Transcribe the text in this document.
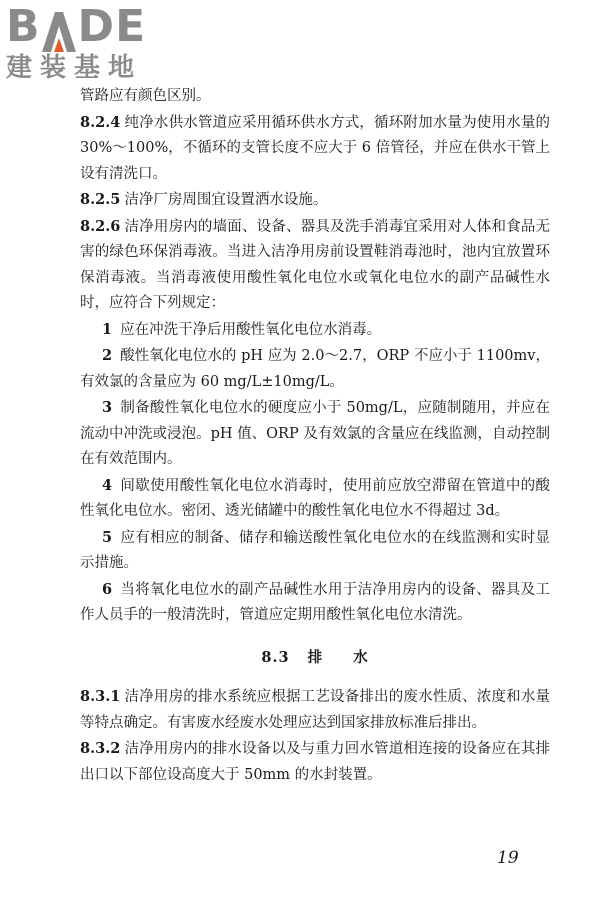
B DE
建装基地

管路应有颜色区别。

8.2.4 纯净水供水管道应采用循环供水方式，循环附加水量为使用水量的 30%～100%，不循环的支管长度不应大于 6 倍管径，并应在供水干管上设有清洗口。

8.2.5 洁净厂房周围宜设置洒水设施。

8.2.6 洁净用房内的墙面、设备、器具及洗手消毒宜采用对人体和食品无害的绿色环保消毒液。当进入洁净用房前设置鞋消毒池时，池内宜放置环保消毒液。当消毒液使用酸性氧化电位水或氧化电位水的副产品碱性水时，应符合下列规定：

1 应在冲洗干净后用酸性氧化电位水消毒。

2 酸性氧化电位水的 pH 应为 2.0～2.7，ORP 不应小于 1100mv，有效氯的含量应为 60 mg/L±10mg/L。

3 制备酸性氧化电位水的硬度应小于 50mg/L，应随制随用，并应在流动中冲洗或浸泡。pH 值、ORP 及有效氯的含量应在线监测，自动控制在有效范围内。

4 间歇使用酸性氧化电位水消毒时，使用前应放空滞留在管道中的酸性氧化电位水。密闭、透光储罐中的酸性氧化电位水不得超过 3d。

5 应有相应的制备、储存和输送酸性氧化电位水的在线监测和实时显示措施。

6 当将氧化电位水的副产品碱性水用于洁净用房内的设备、器具及工作人员手的一般清洗时，管道应定期用酸性氧化电位水清洗。

8.3 排 水

8.3.1 洁净用房的排水系统应根据工艺设备排出的废水性质、浓度和水量等特点确定。有害废水经废水处理应达到国家排放标准后排出。

8.3.2 洁净用房内的排水设备以及与重力回水管道相连接的设备应在其排出口以下部位设高度大于 50mm 的水封装置。

19
